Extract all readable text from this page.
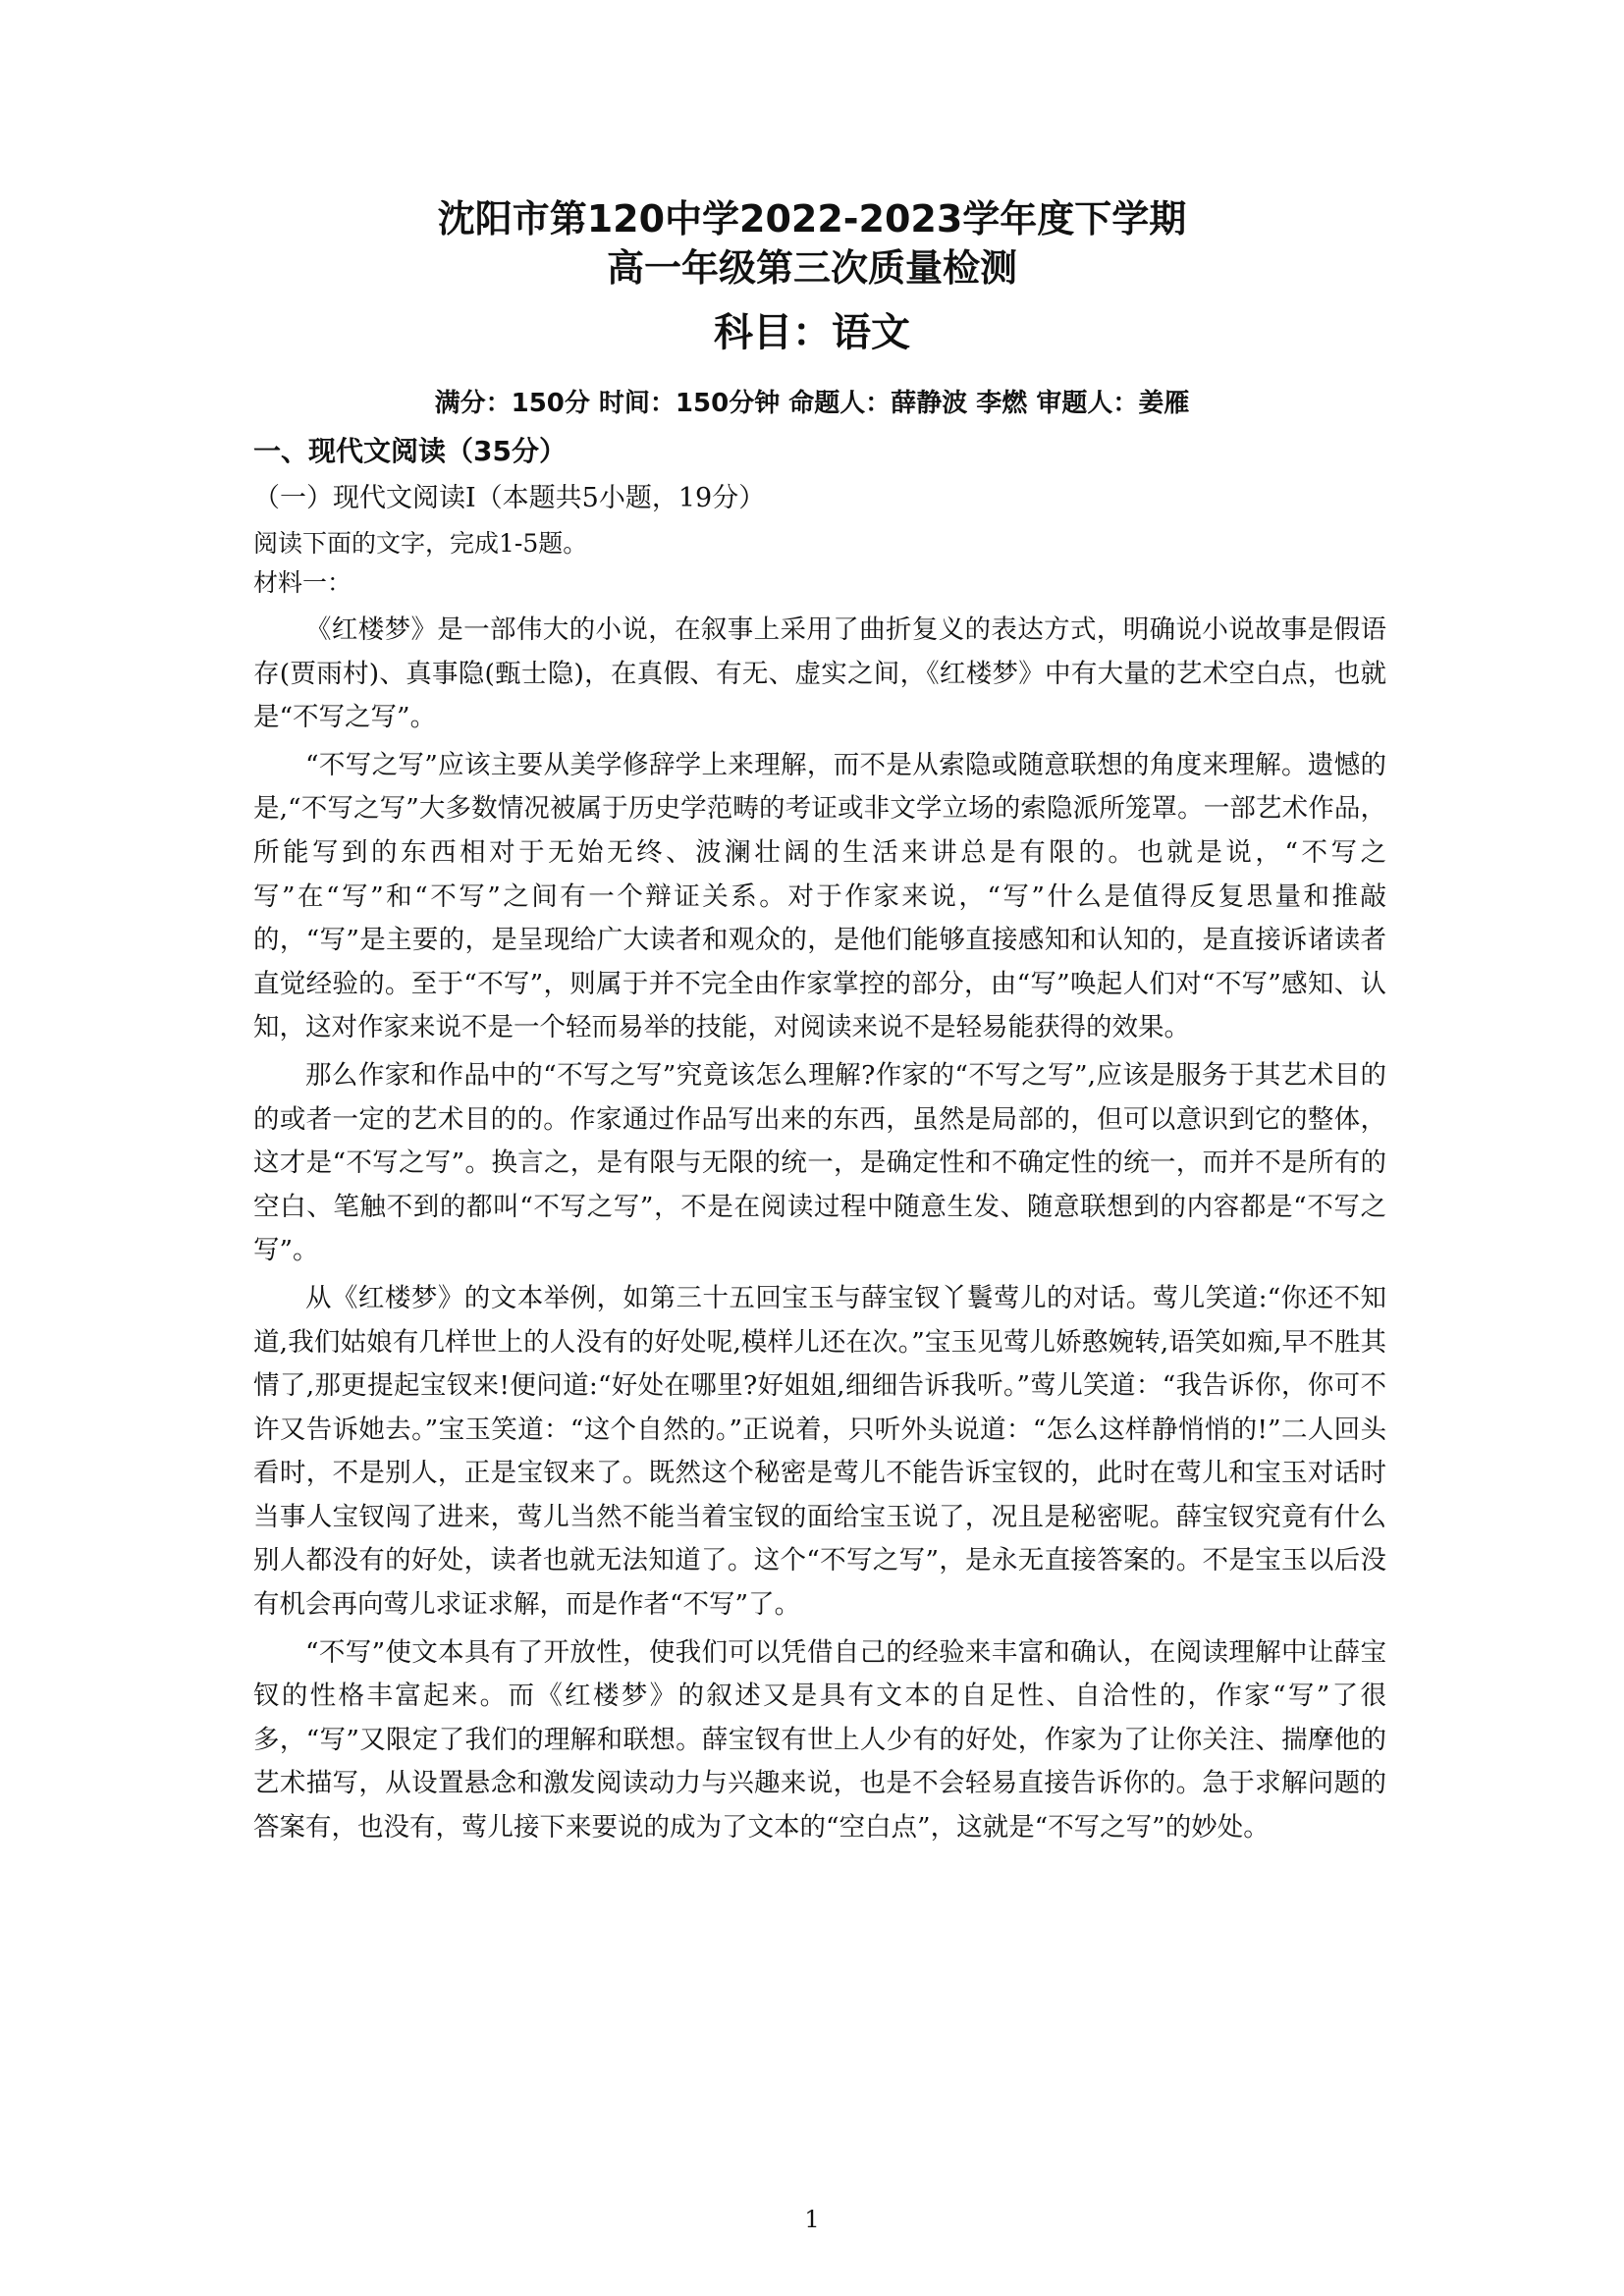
沈阳市第120中学2022-2023学年度下学期
高一年级第三次质量检测
科目：语文
满分：150分 时间：150分钟 命题人：薛静波 李燃 审题人：姜雁
一、现代文阅读（35分）
（一）现代文阅读Ⅰ（本题共5小题，19分）
阅读下面的文字，完成1-5题。
材料一：

《红楼梦》是一部伟大的小说，在叙事上采用了曲折复义的表达方式，明确说小说故事是假语存(贾雨村)、真事隐(甄士隐)，在真假、有无、虚实之间，《红楼梦》中有大量的艺术空白点，也就是“不写之写”。

“不写之写”应该主要从美学修辞学上来理解，而不是从索隐或随意联想的角度来理解。遗憾的是,“不写之写”大多数情况被属于历史学范畴的考证或非文学立场的索隐派所笼罩。一部艺术作品，所能写到的东西相对于无始无终、波澜壮阔的生活来讲总是有限的。也就是说，“不写之写”在“写”和“不写”之间有一个辩证关系。对于作家来说，“写”什么是值得反复思量和推敲的，“写”是主要的，是呈现给广大读者和观众的，是他们能够直接感知和认知的，是直接诉诸读者直觉经验的。至于“不写”，则属于并不完全由作家掌控的部分，由“写”唤起人们对“不写”感知、认知，这对作家来说不是一个轻而易举的技能，对阅读来说不是轻易能获得的效果。

那么作家和作品中的“不写之写”究竟该怎么理解?作家的“不写之写”,应该是服务于其艺术目的的或者一定的艺术目的的。作家通过作品写出来的东西，虽然是局部的，但可以意识到它的整体，这才是“不写之写”。换言之，是有限与无限的统一，是确定性和不确定性的统一，而并不是所有的空白、笔触不到的都叫“不写之写”，不是在阅读过程中随意生发、随意联想到的内容都是“不写之写”。

从《红楼梦》的文本举例，如第三十五回宝玉与薛宝钗丫鬟莺儿的对话。莺儿笑道:“你还不知道,我们姑娘有几样世上的人没有的好处呢,模样儿还在次。”宝玉见莺儿娇憨婉转,语笑如痴,早不胜其情了,那更提起宝钗来!便问道:“好处在哪里?好姐姐,细细告诉我听。”莺儿笑道：“我告诉你，你可不许又告诉她去。”宝玉笑道：“这个自然的。”正说着，只听外头说道：“怎么这样静悄悄的!”二人回头看时，不是别人，正是宝钗来了。既然这个秘密是莺儿不能告诉宝钗的，此时在莺儿和宝玉对话时当事人宝钗闯了进来，莺儿当然不能当着宝钗的面给宝玉说了，况且是秘密呢。薛宝钗究竟有什么别人都没有的好处，读者也就无法知道了。这个“不写之写”，是永无直接答案的。不是宝玉以后没有机会再向莺儿求证求解，而是作者“不写”了。

“不写”使文本具有了开放性，使我们可以凭借自己的经验来丰富和确认，在阅读理解中让薛宝钗的性格丰富起来。而《红楼梦》的叙述又是具有文本的自足性、自洽性的，作家“写”了很多，“写”又限定了我们的理解和联想。薛宝钗有世上人少有的好处，作家为了让你关注、揣摩他的艺术描写，从设置悬念和激发阅读动力与兴趣来说，也是不会轻易直接告诉你的。急于求解问题的答案有，也没有，莺儿接下来要说的成为了文本的“空白点”，这就是“不写之写”的妙处。

1
